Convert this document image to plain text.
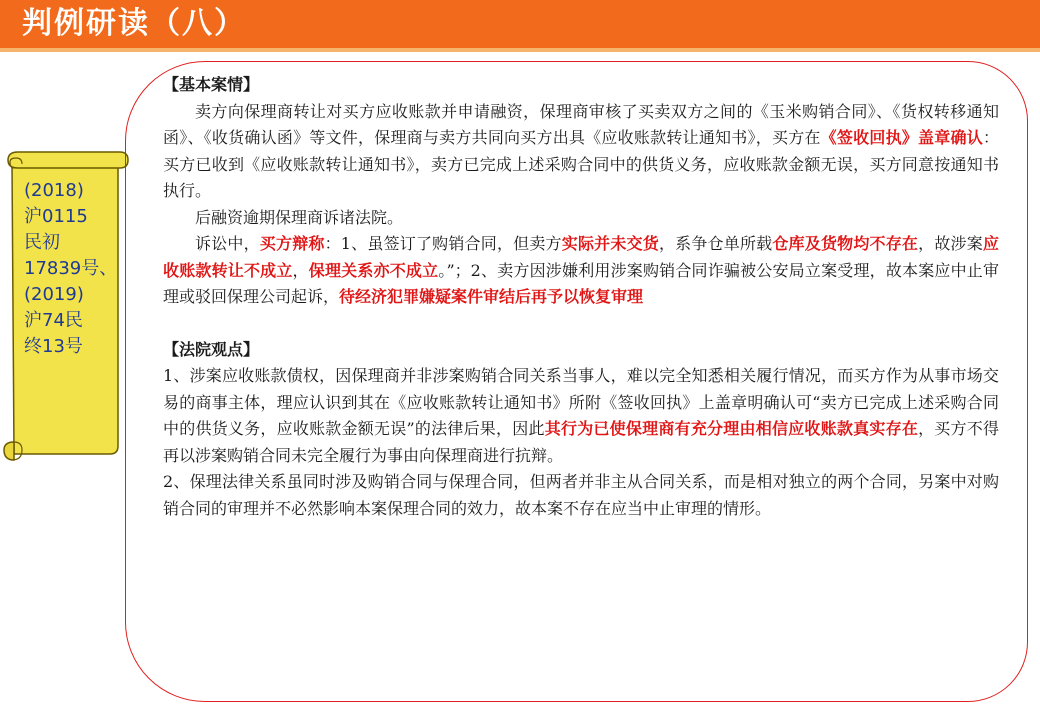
判例研读（八）
(2018)
沪0115
民初
17839号、
(2019)
沪74民
终13号

【基本案情】

卖方向保理商转让对买方应收账款并申请融资，保理商审核了买卖双方之间的《玉米购销合同》、《货权转移通知函》、《收货确认函》等文件，保理商与卖方共同向买方出具《应收账款转让通知书》，买方在《签收回执》盖章确认：买方已收到《应收账款转让通知书》，卖方已完成上述采购合同中的供货义务，应收账款金额无误，买方同意按通知书执行。

后融资逾期保理商诉诸法院。

诉讼中，买方辩称：1、虽签订了购销合同，但卖方实际并未交货，系争仓单所载仓库及货物均不存在，故涉案应收账款转让不成立，保理关系亦不成立。”；2、卖方因涉嫌利用涉案购销合同诈骗被公安局立案受理，故本案应中止审理或驳回保理公司起诉，待经济犯罪嫌疑案件审结后再予以恢复审理

【法院观点】

1、涉案应收账款债权，因保理商并非涉案购销合同关系当事人，难以完全知悉相关履行情况，而买方作为从事市场交易的商事主体，理应认识到其在《应收账款转让通知书》所附《签收回执》上盖章明确认可“卖方已完成上述采购合同中的供货义务，应收账款金额无误”的法律后果，因此其行为已使保理商有充分理由相信应收账款真实存在，买方不得再以涉案购销合同未完全履行为事由向保理商进行抗辩。

2、保理法律关系虽同时涉及购销合同与保理合同，但两者并非主从合同关系，而是相对独立的两个合同，另案中对购销合同的审理并不必然影响本案保理合同的效力，故本案不存在应当中止审理的情形。
